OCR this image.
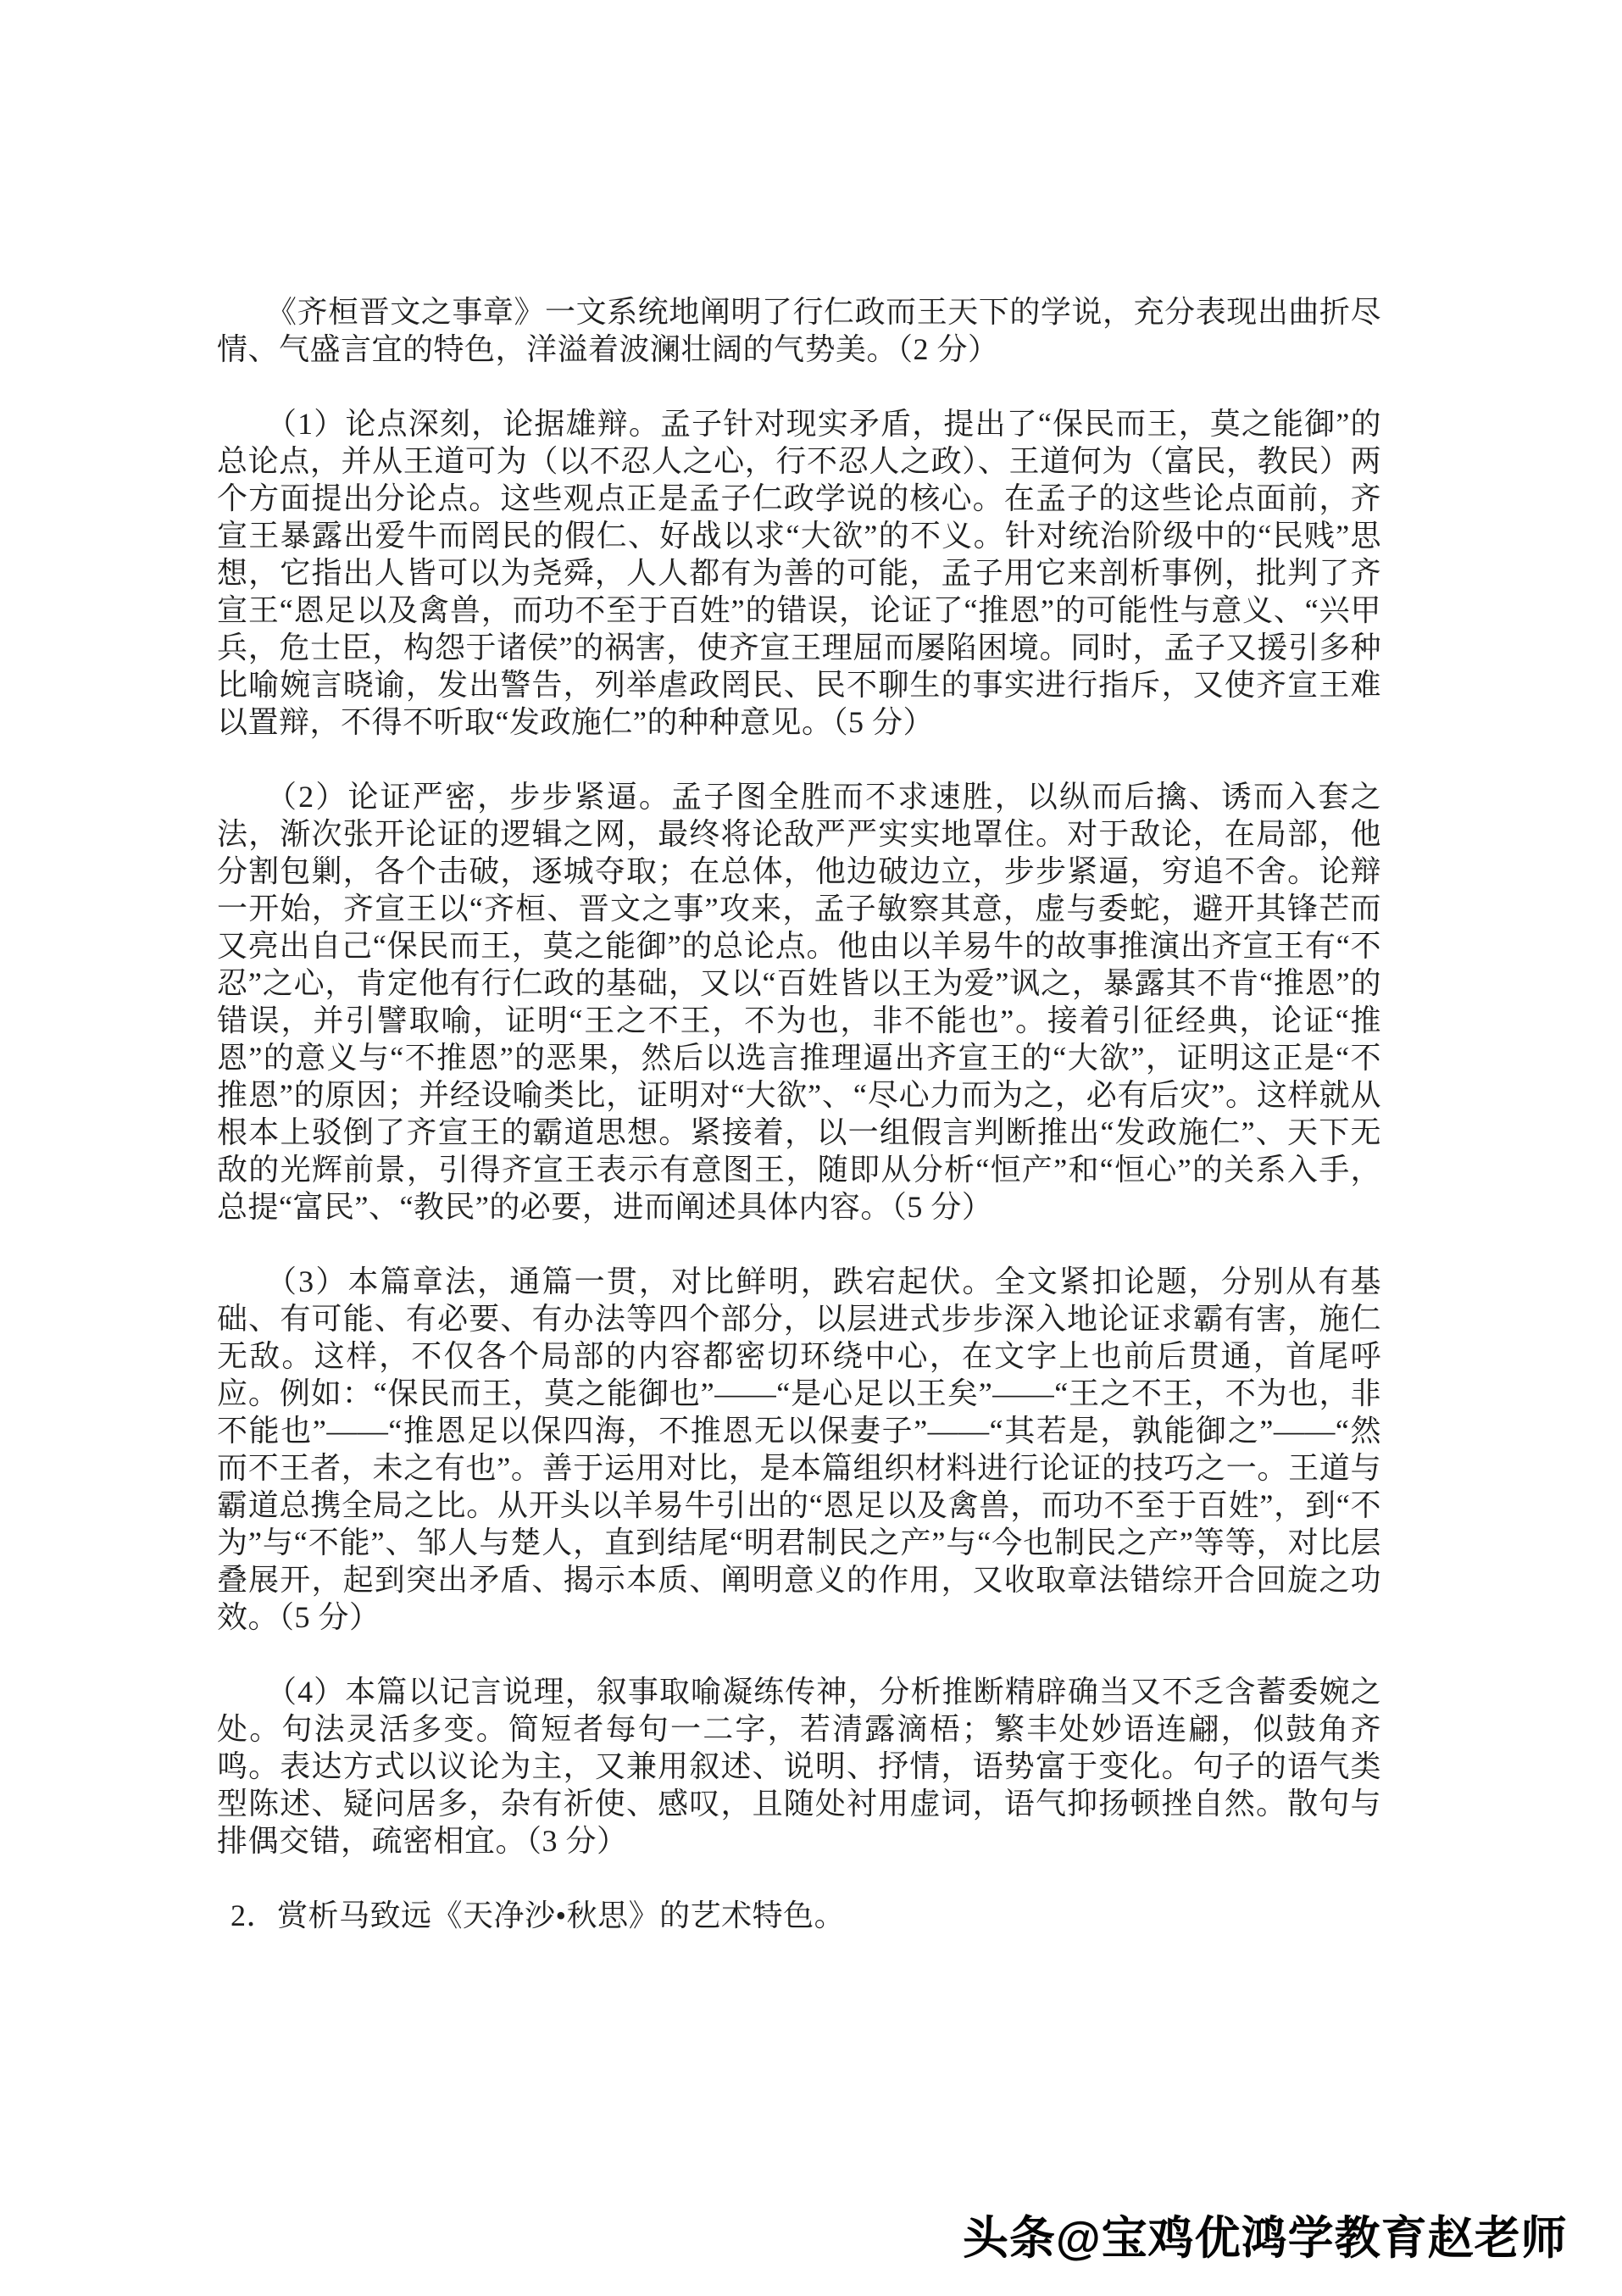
《齐桓晋文之事章》一文系统地阐明了行仁政而王天下的学说，充分表现出曲折尽情、气盛言宜的特色，洋溢着波澜壮阔的气势美。（2 分）

（1）论点深刻，论据雄辩。孟子针对现实矛盾，提出了“保民而王，莫之能御”的总论点，并从王道可为（以不忍人之心，行不忍人之政）、王道何为（富民，教民）两个方面提出分论点。这些观点正是孟子仁政学说的核心。在孟子的这些论点面前，齐宣王暴露出爱牛而罔民的假仁、好战以求“大欲”的不义。针对统治阶级中的“民贱”思想，它指出人皆可以为尧舜，人人都有为善的可能，孟子用它来剖析事例，批判了齐宣王“恩足以及禽兽，而功不至于百姓”的错误，论证了“推恩”的可能性与意义、“兴甲兵，危士臣，构怨于诸侯”的祸害，使齐宣王理屈而屡陷困境。同时，孟子又援引多种比喻婉言晓谕，发出警告，列举虐政罔民、民不聊生的事实进行指斥，又使齐宣王难以置辩，不得不听取“发政施仁”的种种意见。（5 分）

（2）论证严密，步步紧逼。孟子图全胜而不求速胜，以纵而后擒、诱而入套之法，渐次张开论证的逻辑之网，最终将论敌严严实实地罩住。对于敌论，在局部，他分割包剿，各个击破，逐城夺取；在总体，他边破边立，步步紧逼，穷追不舍。论辩一开始，齐宣王以“齐桓、晋文之事”攻来，孟子敏察其意，虚与委蛇，避开其锋芒而又亮出自己“保民而王，莫之能御”的总论点。他由以羊易牛的故事推演出齐宣王有“不忍”之心，肯定他有行仁政的基础，又以“百姓皆以王为爱”讽之，暴露其不肯“推恩”的错误，并引譬取喻，证明“王之不王，不为也，非不能也”。接着引征经典，论证“推恩”的意义与“不推恩”的恶果，然后以选言推理逼出齐宣王的“大欲”，证明这正是“不推恩”的原因；并经设喻类比，证明对“大欲”、“尽心力而为之，必有后灾”。这样就从根本上驳倒了齐宣王的霸道思想。紧接着，以一组假言判断推出“发政施仁”、天下无敌的光辉前景，引得齐宣王表示有意图王，随即从分析“恒产”和“恒心”的关系入手，总提“富民”、“教民”的必要，进而阐述具体内容。（5 分）

（3）本篇章法，通篇一贯，对比鲜明，跌宕起伏。全文紧扣论题，分别从有基础、有可能、有必要、有办法等四个部分，以层进式步步深入地论证求霸有害，施仁无敌。这样，不仅各个局部的内容都密切环绕中心，在文字上也前后贯通，首尾呼应。例如：“保民而王，莫之能御也”——“是心足以王矣”——“王之不王，不为也，非不能也”——“推恩足以保四海，不推恩无以保妻子”——“其若是，孰能御之”——“然而不王者，未之有也”。善于运用对比，是本篇组织材料进行论证的技巧之一。王道与霸道总携全局之比。从开头以羊易牛引出的“恩足以及禽兽，而功不至于百姓”，到“不为”与“不能”、邹人与楚人，直到结尾“明君制民之产”与“今也制民之产”等等，对比层叠展开，起到突出矛盾、揭示本质、阐明意义的作用，又收取章法错综开合回旋之功效。（5 分）

（4）本篇以记言说理，叙事取喻凝练传神，分析推断精辟确当又不乏含蓄委婉之处。句法灵活多变。简短者每句一二字，若清露滴梧；繁丰处妙语连翩，似鼓角齐鸣。表达方式以议论为主，又兼用叙述、说明、抒情，语势富于变化。句子的语气类型陈述、疑问居多，杂有祈使、感叹，且随处衬用虚词，语气抑扬顿挫自然。散句与排偶交错，疏密相宜。（3 分）

2．赏析马致远《天净沙•秋思》的艺术特色。

头条@宝鸡优鸿学教育赵老师
